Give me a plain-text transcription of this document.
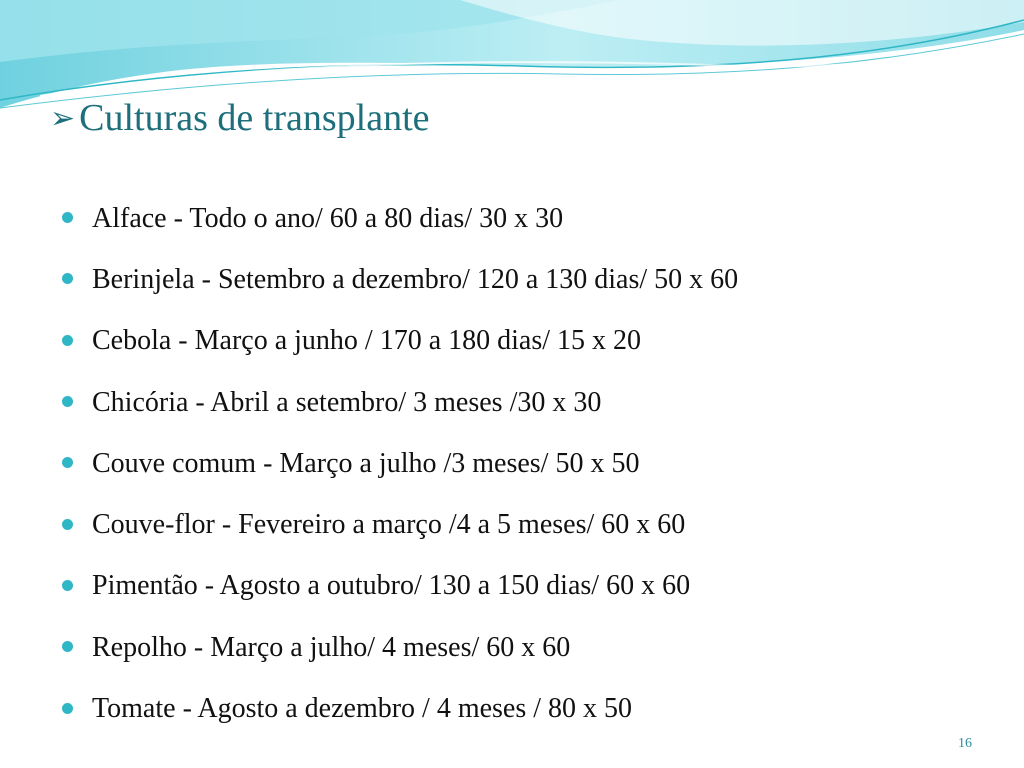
➢ Culturas de transplante
Alface - Todo o ano/ 60 a 80 dias/ 30 x 30
Berinjela - Setembro a dezembro/ 120 a 130 dias/ 50 x 60
Cebola - Março a junho / 170 a 180 dias/ 15 x 20
Chicória - Abril a setembro/ 3 meses /30 x 30
Couve comum - Março a julho /3 meses/ 50 x 50
Couve-flor - Fevereiro a março /4 a 5 meses/ 60 x 60
Pimentão - Agosto a outubro/ 130 a 150 dias/ 60 x 60
Repolho - Março a julho/ 4 meses/ 60 x 60
Tomate - Agosto a dezembro / 4 meses / 80 x 50
16
